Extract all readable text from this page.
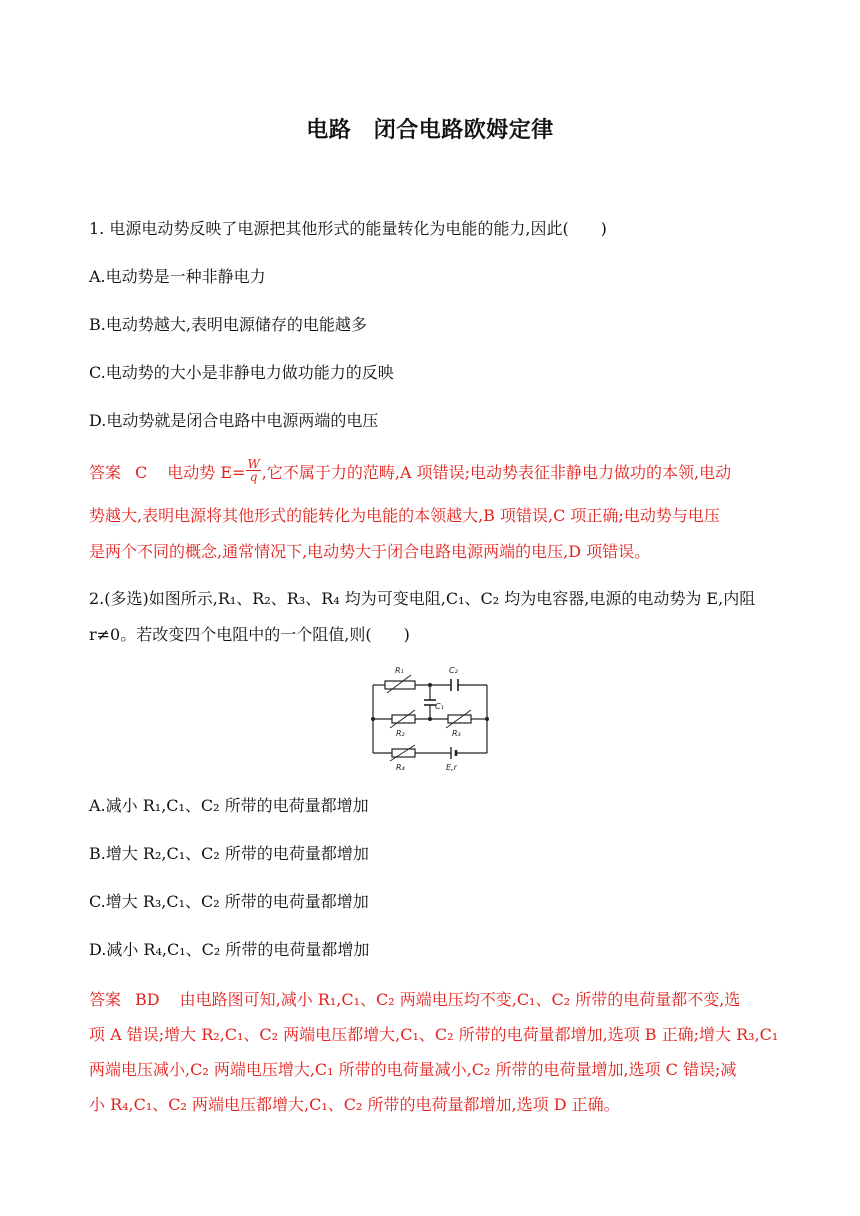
电路　闭合电路欧姆定律
1. 电源电动势反映了电源把其他形式的能量转化为电能的能力,因此(　　)
A.电动势是一种非静电力
B.电动势越大,表明电源储存的电能越多
C.电动势的大小是非静电力做功能力的反映
D.电动势就是闭合电路中电源两端的电压
答案 C 电动势 $E= \frac{W}{q}$ ,它不属于力的范畴,A 项错误;电动势表征非静电力做功的本领,电动
势越大,表明电源将其他形式的能转化为电能的本领越大,B 项错误,C 项正确;电动势与电压
是两个不同的概念,通常情况下,电动势大于闭合电路电源两端的电压,D 项错误。
2.(多选)如图所示,R₁、R₂、R₃、R₄ 均为可变电阻,C₁、C₂ 均为电容器,电源的电动势为 E,内阻
r≠0。若改变四个电阻中的一个阻值,则(　　)
R₁	C₂
C₁
R₂	R₃
R₄	E,r
A.减小 R₁,C₁、C₂ 所带的电荷量都增加
B.增大 R₂,C₁、C₂ 所带的电荷量都增加
C.增大 R₃,C₁、C₂ 所带的电荷量都增加
D.减小 R₄,C₁、C₂ 所带的电荷量都增加
答案 BD 由电路图可知,减小 R₁,C₁、C₂ 两端电压均不变,C₁、C₂ 所带的电荷量都不变,选
项 A 错误;增大 R₂,C₁、C₂ 两端电压都增大,C₁、C₂ 所带的电荷量都增加,选项 B 正确;增大 R₃,C₁
两端电压减小,C₂ 两端电压增大,C₁ 所带的电荷量减小,C₂ 所带的电荷量增加,选项 C 错误;减
小 R₄,C₁、C₂ 两端电压都增大,C₁、C₂ 所带的电荷量都增加,选项 D 正确。
